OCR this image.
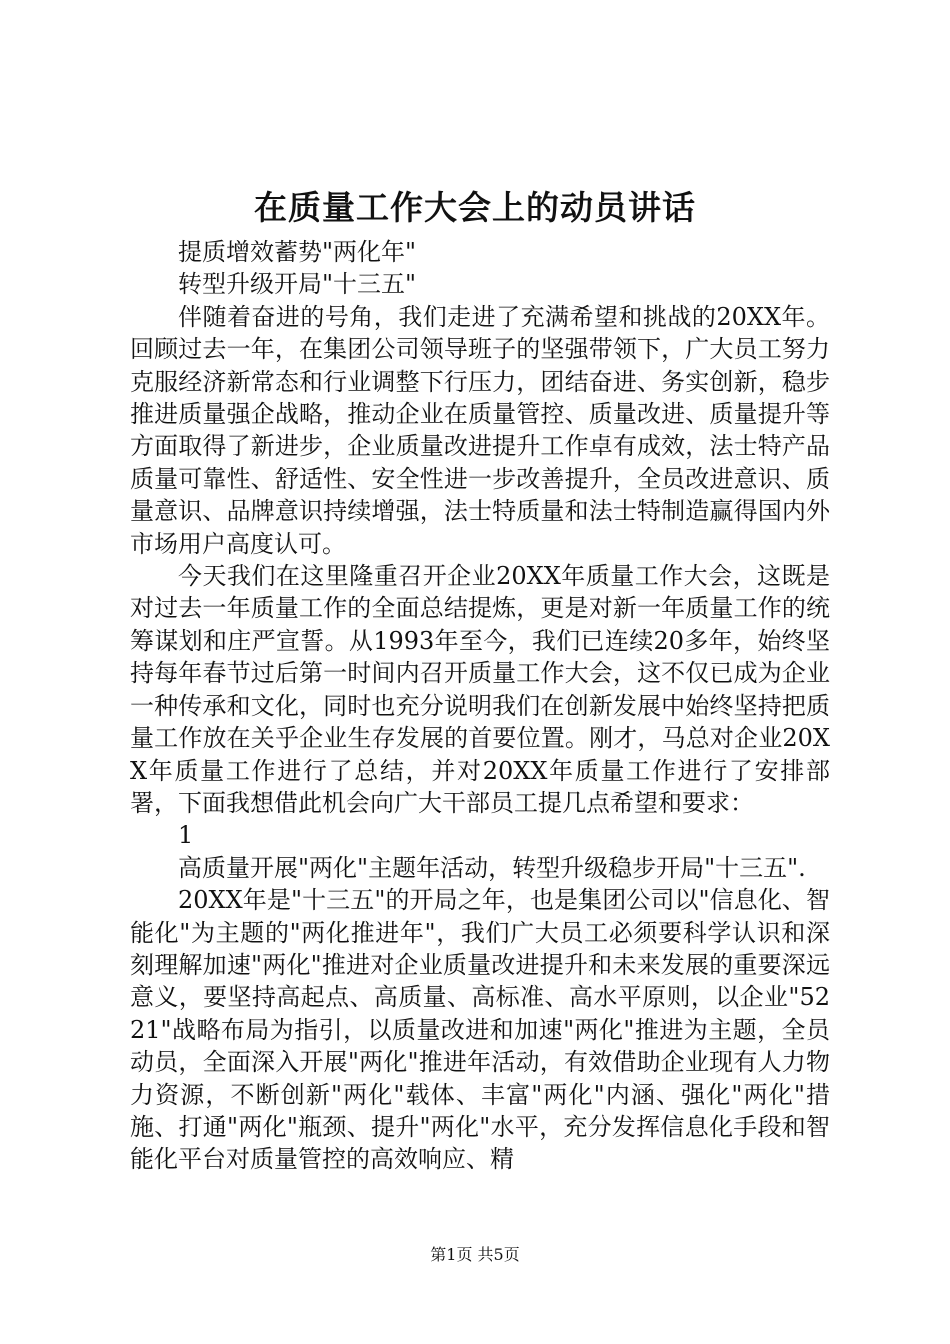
在质量工作大会上的动员讲话

提质增效蓄势"两化年"

转型升级开局"十三五"

伴随着奋进的号角，我们走进了充满希望和挑战的20XX年。回顾过去一年，在集团公司领导班子的坚强带领下，广大员工努力克服经济新常态和行业调整下行压力，团结奋进、务实创新，稳步推进质量强企战略，推动企业在质量管控、质量改进、质量提升等方面取得了新进步，企业质量改进提升工作卓有成效，法士特产品质量可靠性、舒适性、安全性进一步改善提升，全员改进意识、质量意识、品牌意识持续增强，法士特质量和法士特制造赢得国内外市场用户高度认可。

今天我们在这里隆重召开企业20XX年质量工作大会，这既是对过去一年质量工作的全面总结提炼，更是对新一年质量工作的统筹谋划和庄严宣誓。从1993年至今，我们已连续20多年，始终坚持每年春节过后第一时间内召开质量工作大会，这不仅已成为企业一种传承和文化，同时也充分说明我们在创新发展中始终坚持把质量工作放在关乎企业生存发展的首要位置。刚才，马总对企业20XX年质量工作进行了总结，并对20XX年质量工作进行了安排部署，下面我想借此机会向广大干部员工提几点希望和要求：

1

高质量开展"两化"主题年活动，转型升级稳步开局"十三五".

20XX年是"十三五"的开局之年，也是集团公司以"信息化、智能化"为主题的"两化推进年"，我们广大员工必须要科学认识和深刻理解加速"两化"推进对企业质量改进提升和未来发展的重要深远意义，要坚持高起点、高质量、高标准、高水平原则，以企业"5221"战略布局为指引，以质量改进和加速"两化"推进为主题，全员动员，全面深入开展"两化"推进年活动，有效借助企业现有人力物力资源，不断创新"两化"载体、丰富"两化"内涵、强化"两化"措施、打通"两化"瓶颈、提升"两化"水平，充分发挥信息化手段和智能化平台对质量管控的高效响应、精

第1页 共5页
